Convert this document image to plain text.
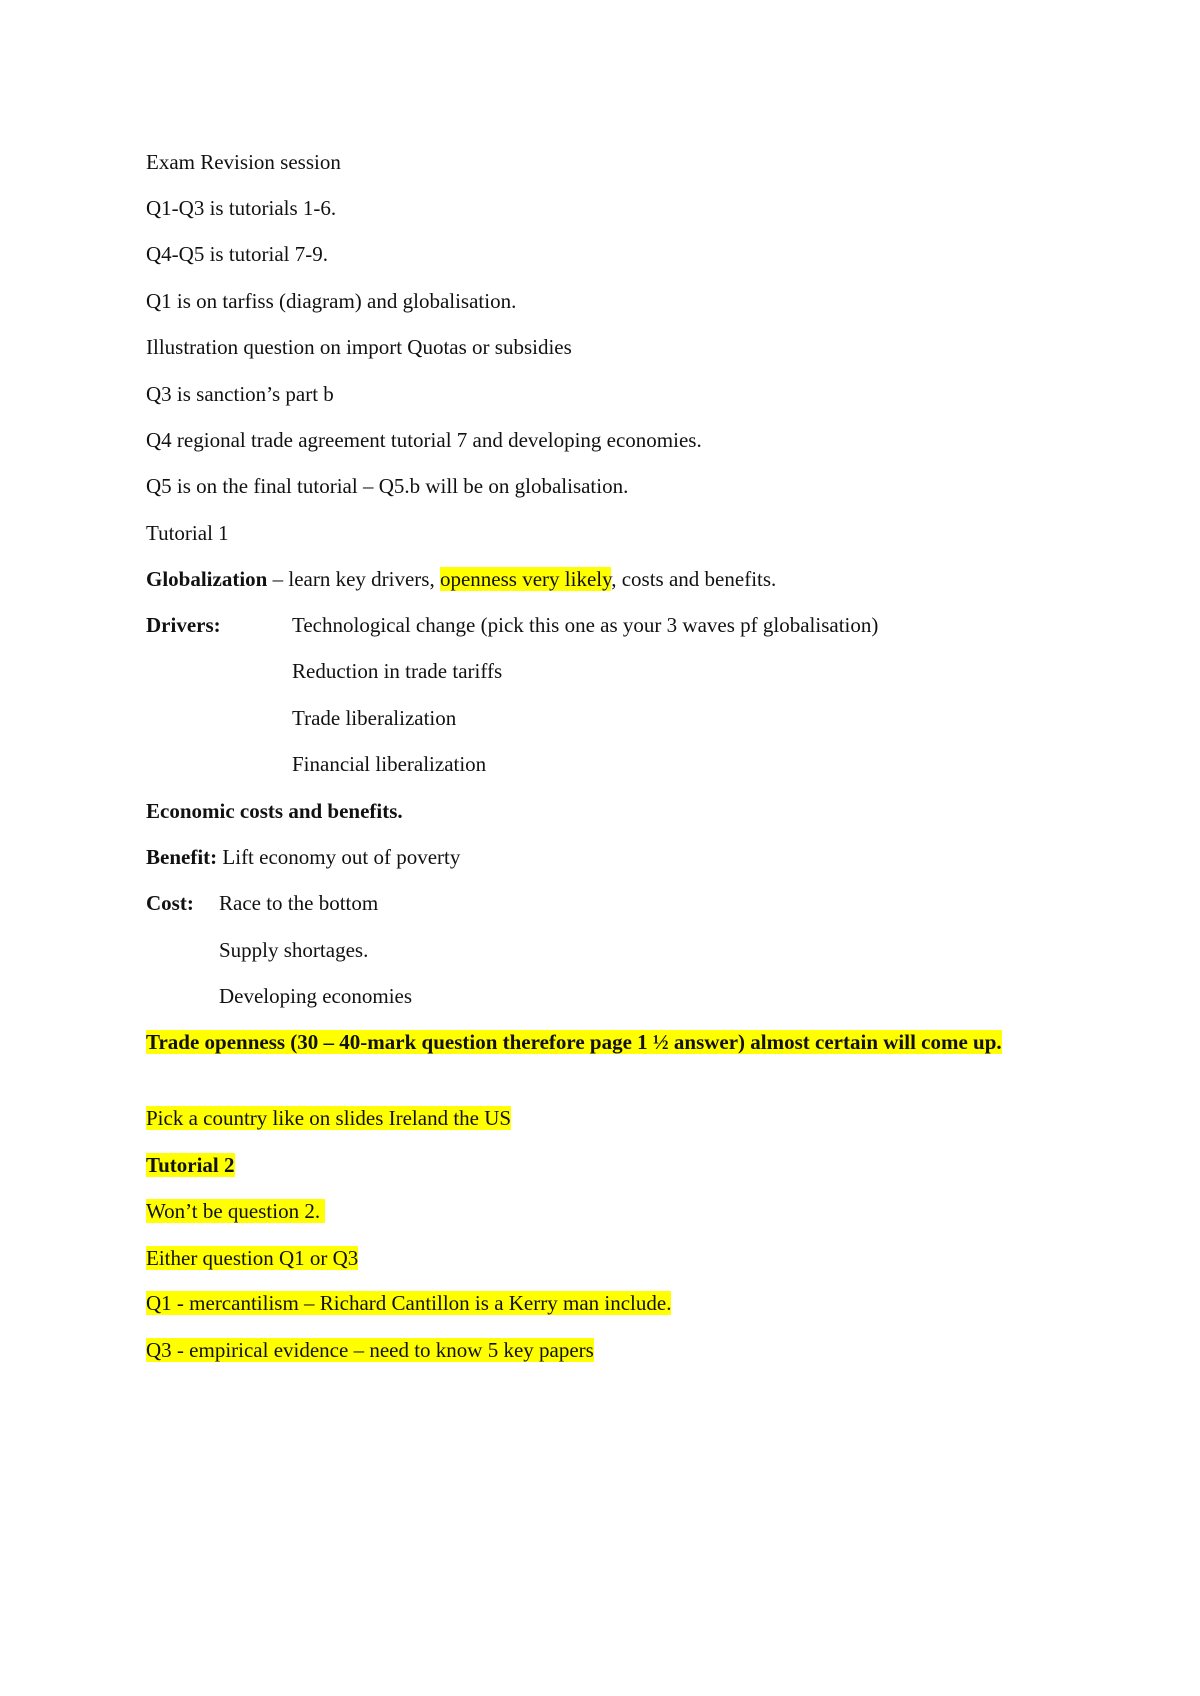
Exam Revision session
Q1-Q3 is tutorials 1-6.
Q4-Q5 is tutorial 7-9.
Q1 is on tarfiss (diagram) and globalisation.
Illustration question on import Quotas or subsidies
Q3 is sanction’s part b
Q4 regional trade agreement tutorial 7 and developing economies.
Q5 is on the final tutorial – Q5.b will be on globalisation.
Tutorial 1
Globalization – learn key drivers, openness very likely, costs and benefits.
Drivers:	Technological change (pick this one as your 3 waves pf globalisation)
Reduction in trade tariffs
Trade liberalization
Financial liberalization
Economic costs and benefits.
Benefit: Lift economy out of poverty
Cost: Race to the bottom
Supply shortages.
Developing economies
Trade openness (30 – 40-mark question therefore page 1 ½ answer) almost certain will come up.
Pick a country like on slides Ireland the US
Tutorial 2
Won’t be question 2.
Either question Q1 or Q3
Q1 - mercantilism – Richard Cantillon is a Kerry man include.
Q3 - empirical evidence – need to know 5 key papers
